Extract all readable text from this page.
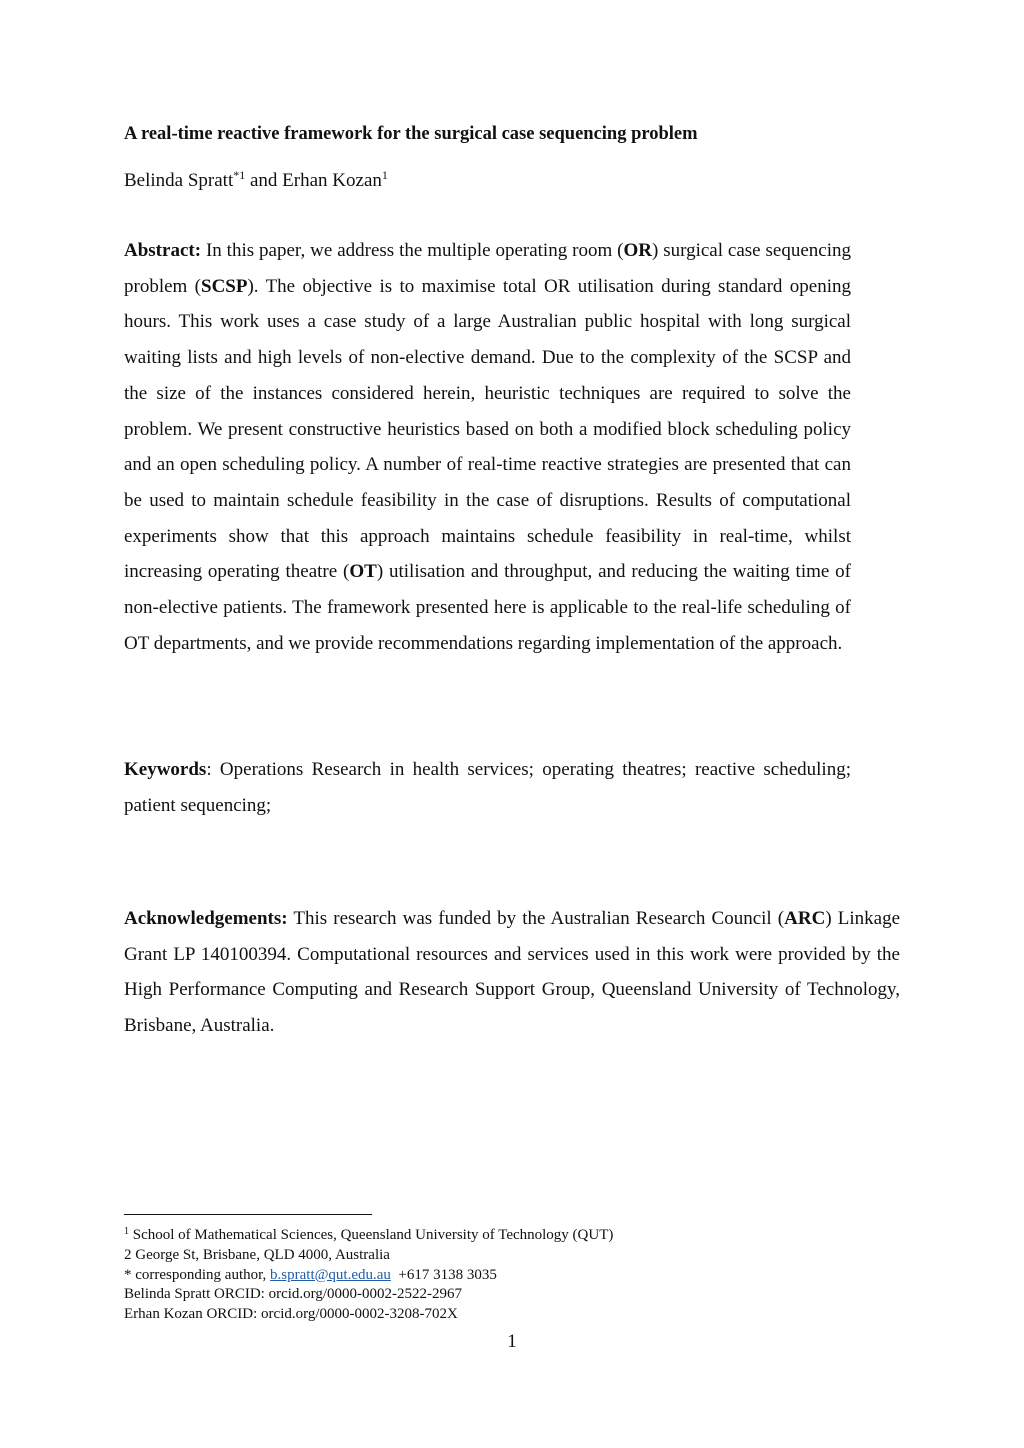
A real-time reactive framework for the surgical case sequencing problem
Belinda Spratt$^{*1}$ and Erhan Kozan$^1$

Abstract: In this paper, we address the multiple operating room (OR) surgical case sequencing problem (SCSP). The objective is to maximise total OR utilisation during standard opening hours. This work uses a case study of a large Australian public hospital with long surgical waiting lists and high levels of non-elective demand. Due to the complexity of the SCSP and the size of the instances considered herein, heuristic techniques are required to solve the problem. We present constructive heuristics based on both a modified block scheduling policy and an open scheduling policy. A number of real-time reactive strategies are presented that can be used to maintain schedule feasibility in the case of disruptions. Results of computational experiments show that this approach maintains schedule feasibility in real-time, whilst increasing operating theatre (OT) utilisation and throughput, and reducing the waiting time of non-elective patients. The framework presented here is applicable to the real-life scheduling of OT departments, and we provide recommendations regarding implementation of the approach.

Keywords: Operations Research in health services; operating theatres; reactive scheduling; patient sequencing;

Acknowledgements: This research was funded by the Australian Research Council (ARC) Linkage Grant LP 140100394. Computational resources and services used in this work were provided by the High Performance Computing and Research Support Group, Queensland University of Technology, Brisbane, Australia.

$^1$ School of Mathematical Sciences, Queensland University of Technology (QUT)
2 George St, Brisbane, QLD 4000, Australia
* corresponding author, b.spratt@qut.edu.au  +617 3138 3035
Belinda Spratt ORCID: orcid.org/0000-0002-2522-2967
Erhan Kozan ORCID: orcid.org/0000-0002-3208-702X
1
